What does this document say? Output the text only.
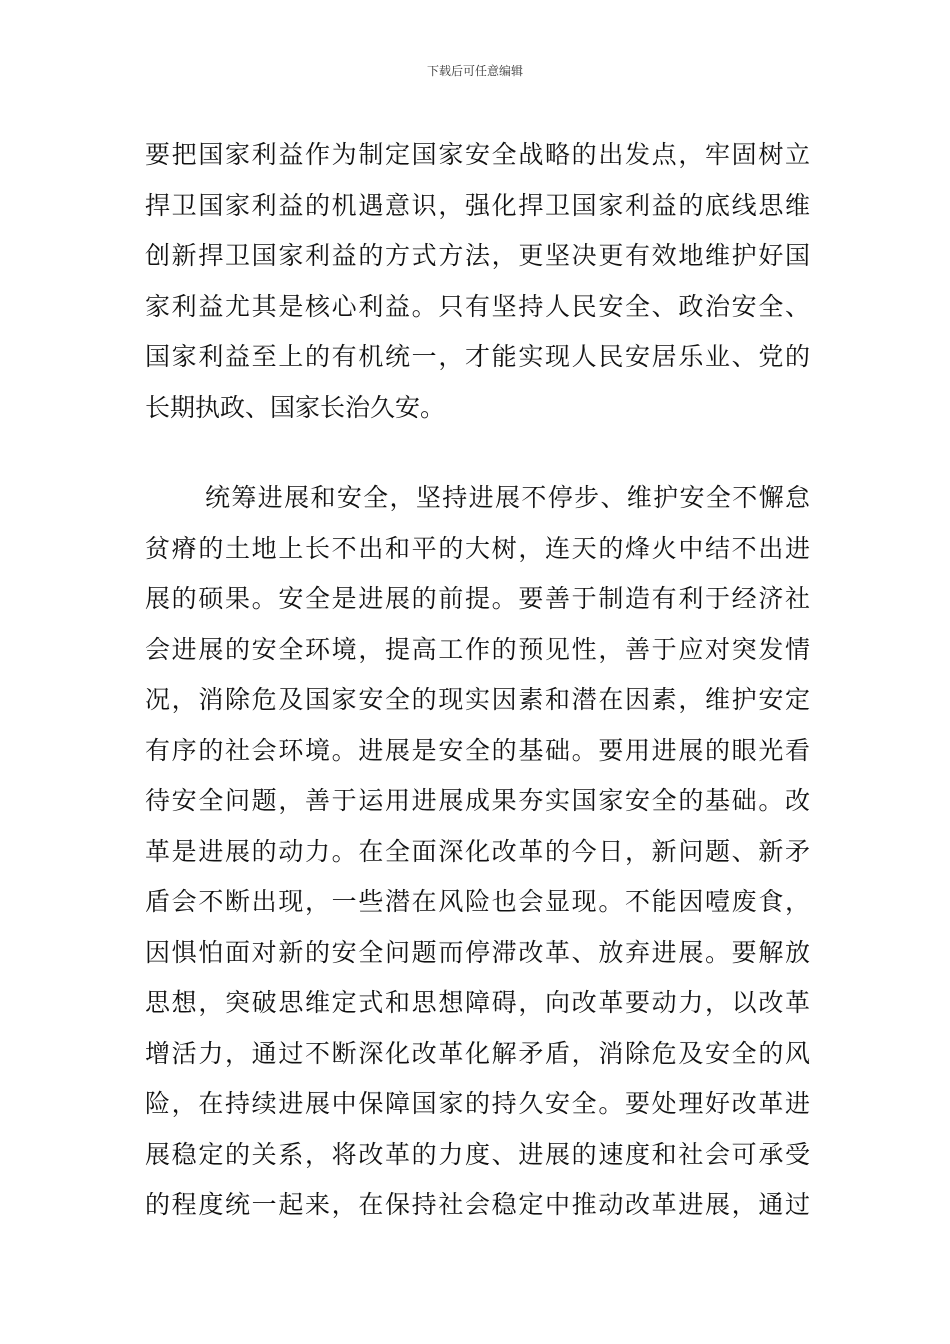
下载后可任意编辑
要把国家利益作为制定国家安全战略的出发点，牢固树立
捍卫国家利益的机遇意识，强化捍卫国家利益的底线思维
创新捍卫国家利益的方式方法，更坚决更有效地维护好国
家利益尤其是核心利益。只有坚持人民安全、政治安全、
国家利益至上的有机统一，才能实现人民安居乐业、党的
长期执政、国家长治久安。
统筹进展和安全，坚持进展不停步、维护安全不懈怠
贫瘠的土地上长不出和平的大树，连天的烽火中结不出进
展的硕果。安全是进展的前提。要善于制造有利于经济社
会进展的安全环境，提高工作的预见性，善于应对突发情
况，消除危及国家安全的现实因素和潜在因素，维护安定
有序的社会环境。进展是安全的基础。要用进展的眼光看
待安全问题，善于运用进展成果夯实国家安全的基础。改
革是进展的动力。在全面深化改革的今日，新问题、新矛
盾会不断出现，一些潜在风险也会显现。不能因噎废食，
因惧怕面对新的安全问题而停滞改革、放弃进展。要解放
思想，突破思维定式和思想障碍，向改革要动力，以改革
增活力，通过不断深化改革化解矛盾，消除危及安全的风
险，在持续进展中保障国家的持久安全。要处理好改革进
展稳定的关系，将改革的力度、进展的速度和社会可承受
的程度统一起来，在保持社会稳定中推动改革进展，通过
